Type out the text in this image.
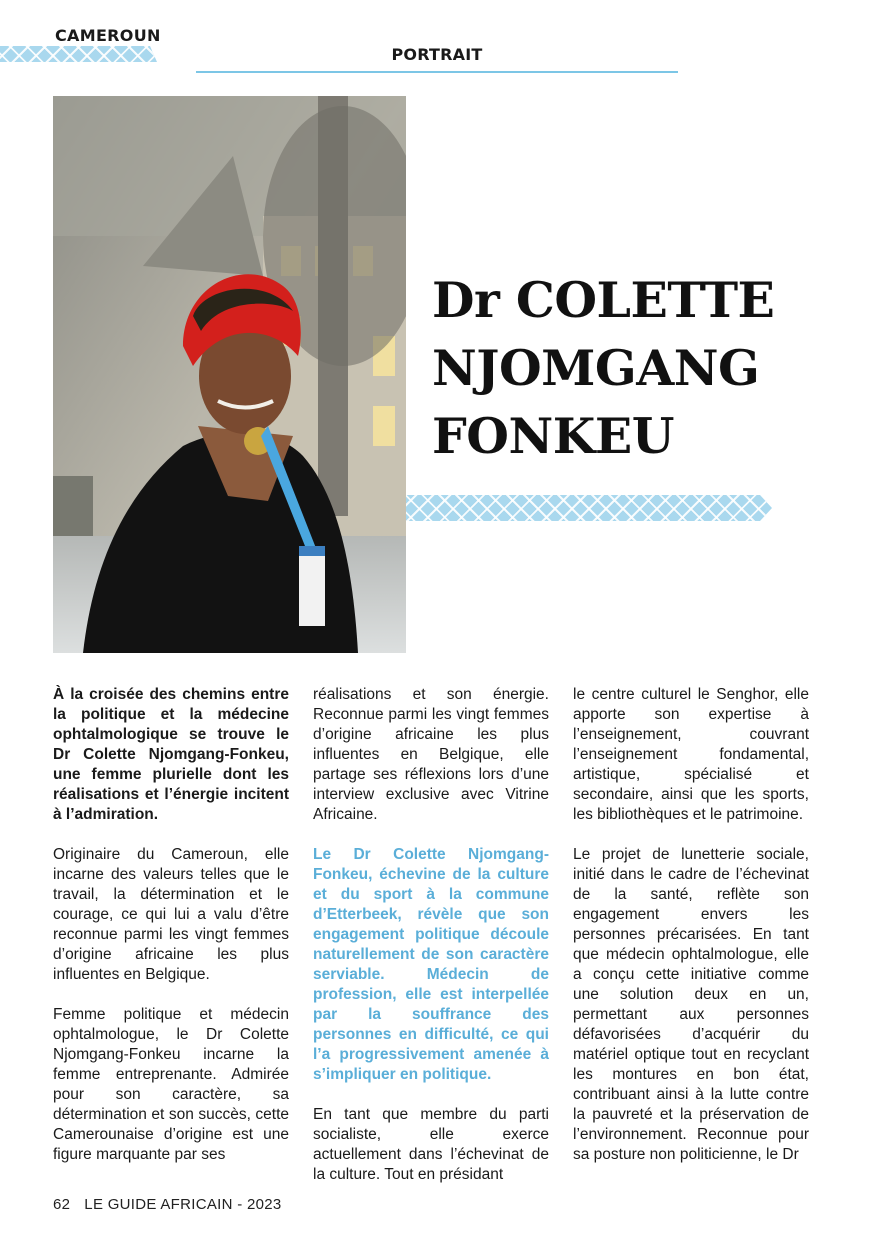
CAMEROUN
PORTRAIT
Dr COLETTE
NJOMGANG
FONKEU

À la croisée des chemins entre la politique et la médecine ophtalmologique se trouve le Dr Colette Njomgang-Fonkeu, une femme plurielle dont les réalisations et l’énergie incitent à l’admiration.

Originaire du Cameroun, elle incarne des valeurs telles que le travail, la détermination et le courage, ce qui lui a valu d’être reconnue parmi les vingt femmes d’origine africaine les plus influentes en Belgique.

Femme politique et médecin ophtalmologue, le Dr Colette Njomgang-Fonkeu incarne la femme entreprenante. Admirée pour son caractère, sa détermination et son succès, cette Camerounaise d’origine est une figure marquante par ses

réalisations et son énergie. Reconnue parmi les vingt femmes d’origine africaine les plus influentes en Belgique, elle partage ses réflexions lors d’une interview exclusive avec Vitrine Africaine.

Le Dr Colette Njomgang-Fonkeu, échevine de la culture et du sport à la commune d’Etterbeek, révèle que son engagement politique découle naturellement de son caractère serviable. Médecin de profession, elle est interpellée par la souffrance des personnes en difficulté, ce qui l’a progressivement amenée à s’impliquer en politique.

En tant que membre du parti socialiste, elle exerce actuellement dans l’échevinat de la culture. Tout en présidant

le centre culturel le Senghor, elle apporte son expertise à l’enseignement, couvrant l’enseignement fondamental, artistique, spécialisé et secondaire, ainsi que les sports, les bibliothèques et le patrimoine.

Le projet de lunetterie sociale, initié dans le cadre de l’échevinat de la santé, reflète son engagement envers les personnes précarisées. En tant que médecin ophtalmologue, elle a conçu cette initiative comme une solution deux en un, permettant aux personnes défavorisées d’acquérir du matériel optique tout en recyclant les montures en bon état, contribuant ainsi à la lutte contre la pauvreté et la préservation de l’environnement. Reconnue pour sa posture non politicienne, le Dr

62 LE GUIDE AFRICAIN - 2023
